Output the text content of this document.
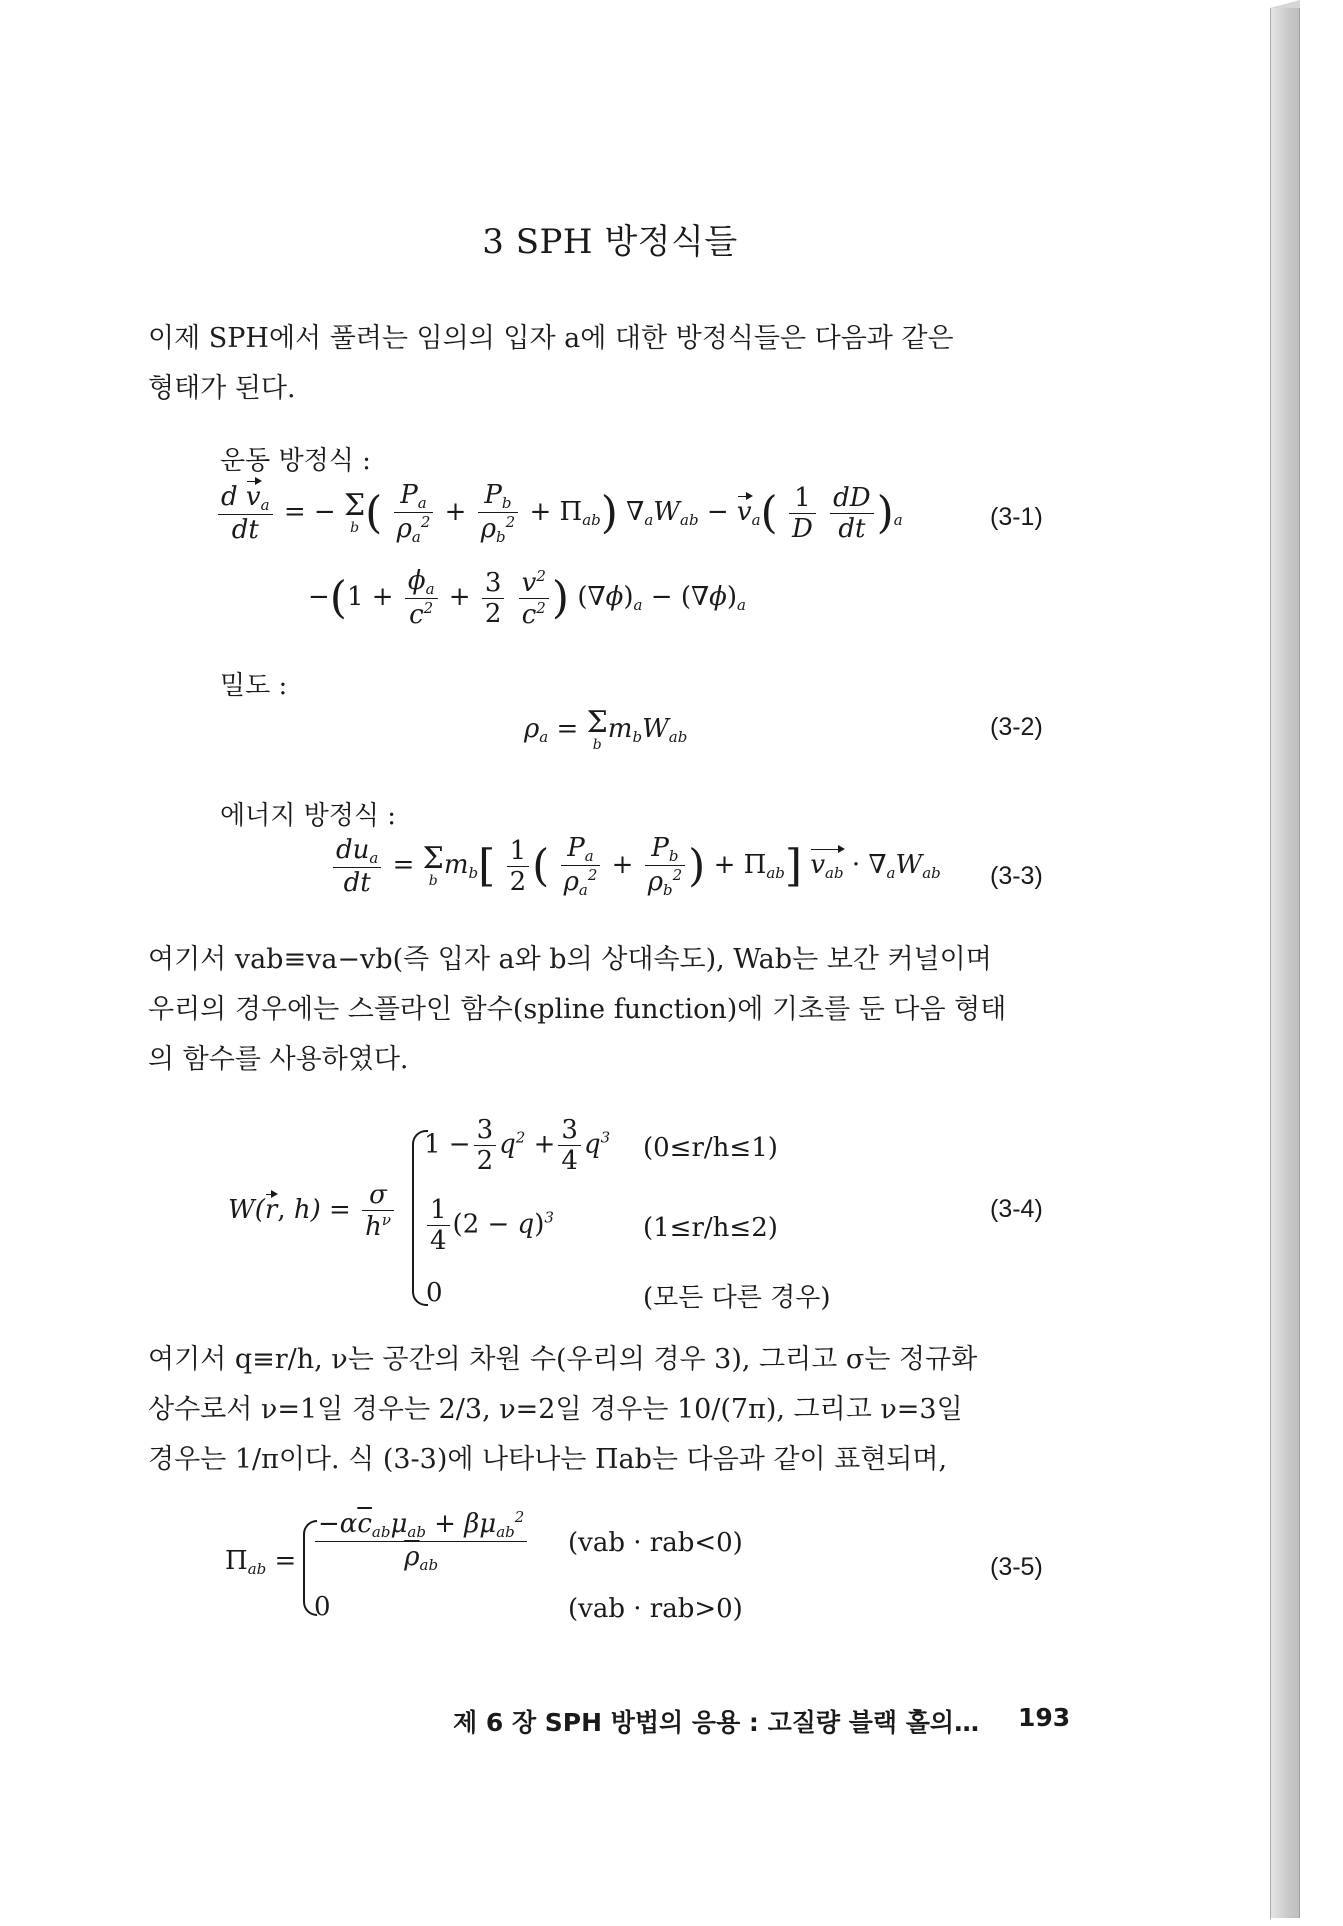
3 SPH 방정식들
이제 SPH에서 풀려는 임의의 입자 a에 대한 방정식들은 다음과 같은
형태가 된다.
운동 방정식 :
$\frac{d v_a}{dt}$ = − Σ
b ( $\frac{P_a}{\rho_a^2} + \frac{P_b}{\rho_b^2} + \Pi_{ab}$) $\nabla_aW_{ab} - v_a( \frac{1}{D}$
$\frac{dD}{dt} )_a$	(3-1)
$-(1 + \frac{\phi_a}{c^2} + \frac{3}{2}$
$\frac{v^2}{c^2}$ ) $(\nabla\phi)_a - (\nabla\phi)_a$
밀도 :
$\rho_a = \Sigma$
b
$m_bW_{ab}$	(3-2)
에너지 방정식 :
$\frac{du_a}{dt} = \Sigma$
b
$m_b[ \frac{1}{2}$ ( $\frac{P_a}{\rho_a^2} + \frac{P_b}{\rho_b^2}$ ) + $\Pi_{ab}$] $v_{ab} \cdot \nabla_aW_{ab}$ (3-3)
여기서 vab≡va−vb(즉 입자 a와 b의 상대속도), Wab는 보간 커널이며
우리의 경우에는 스플라인 함수(spline function)에 기초를 둔 다음 형태
의 함수를 사용하였다.
W(r, $h) = \frac{\sigma}{h^\nu}$
$1 - \frac{3}{2} q^2 + \frac{3}{4} q^3$
$\frac{1}{4} (2 - q)^3$
0
(0≤r/h≤1)
(1≤r/h≤2)
(모든 다른 경우)
(3-4)
여기서 q≡r/h, ν는 공간의 차원 수(우리의 경우 3), 그리고 σ는 정규화
상수로서 ν=1일 경우는 2/3, ν=2일 경우는 10/(7π), 그리고 ν=3일
경우는 1/π이다. 식 (3-3)에 나타나는 Πab는 다음과 같이 표현되며,
$\Pi_{ab} = \frac{-\alpha\overline{c}_{ab}\mu_{ab} + \beta\mu_{ab}^2}{\overline{\rho}_{ab}}$
0
(vab · rab<0)
(vab · rab>0)
(3-5)
제 6 장 SPH 방법의 응용 : 고질량 블랙 홀의… 193
